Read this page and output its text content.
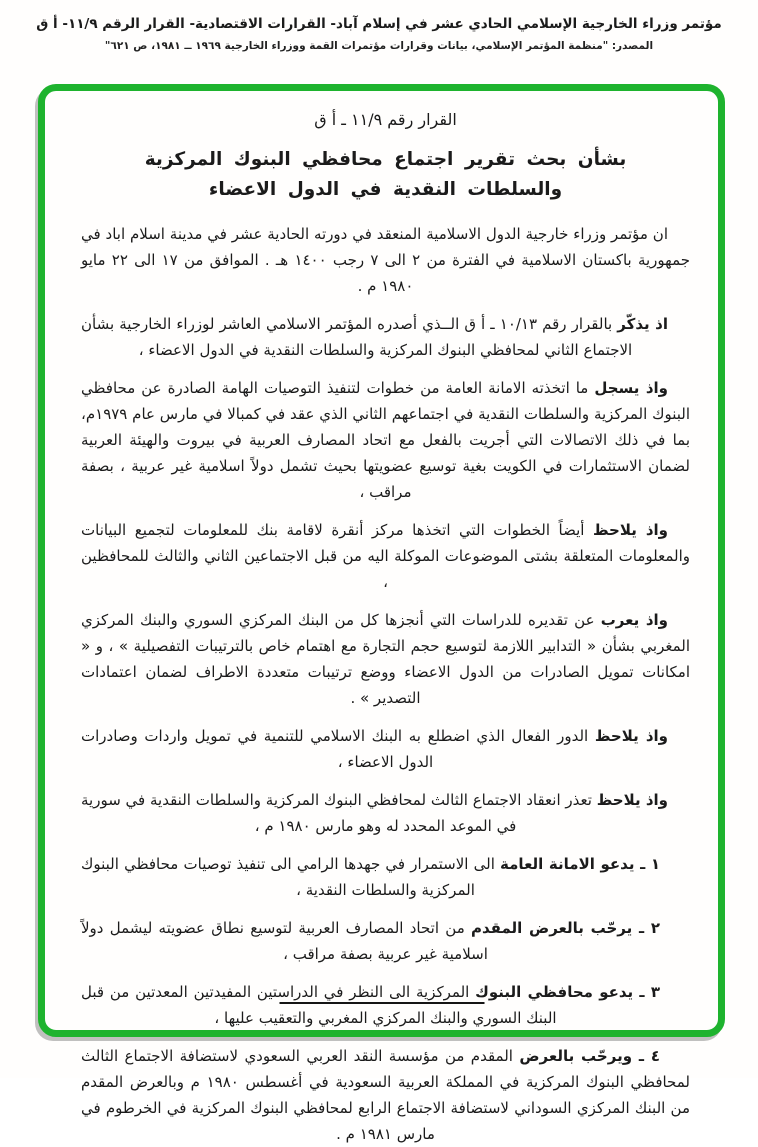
مؤتمر وزراء الخارجية الإسلامي الحادي عشر في إسلام آباد- القرارات الاقتصادية- القرار الرقم ١١/٩- أ ق
المصدر: "منظمة المؤتمر الإسلامي، بيانات وقرارات مؤتمرات القمة ووزراء الخارجية ١٩٦٩ ــ ١٩٨١، ص ٦٢١"
القرار رقم ١١/٩ ـ أ ق
بشأن بحث تقرير اجتماع محافظي البنوك المركزية
والسلطات النقدية في الدول الاعضاء

ان مؤتمر وزراء خارجية الدول الاسلامية المنعقد في دورته الحادية عشر في مدينة اسلام اباد في جمهورية باكستان الاسلامية في الفترة من ٢ الى ٧ رجب ١٤٠٠ هـ . الموافق من ١٧ الى ٢٢ مايو ١٩٨٠ م .

اذ يذكّر بالقرار رقم ١٠/١٣ ـ أ ق الــذي أصدره المؤتمر الاسلامي العاشر لوزراء الخارجية بشأن الاجتماع الثاني لمحافظي البنوك المركزية والسلطات النقدية في الدول الاعضاء ،

واذ يسجل ما اتخذته الامانة العامة من خطوات لتنفيذ التوصيات الهامة الصادرة عن محافظي البنوك المركزية والسلطات النقدية في اجتماعهم الثاني الذي عقد في كمبالا في مارس عام ١٩٧٩م، بما في ذلك الاتصالات التي أجريت بالفعل مع اتحاد المصارف العربية في بيروت والهيئة العربية لضمان الاستثمارات في الكويت بغية توسيع عضويتها بحيث تشمل دولاً اسلامية غير عربية ، بصفة مراقب ،

واذ يلاحظ أيضاً الخطوات التي اتخذها مركز أنقرة لاقامة بنك للمعلومات لتجميع البيانات والمعلومات المتعلقة بشتى الموضوعات الموكلة اليه من قبل الاجتماعين الثاني والثالث للمحافظين ،

واذ يعرب عن تقديره للدراسات التي أنجزها كل من البنك المركزي السوري والبنك المركزي المغربي بشأن « التدابير اللازمة لتوسيع حجم التجارة مع اهتمام خاص بالترتيبات التفصيلية » ، و « امكانات تمويل الصادرات من الدول الاعضاء ووضع ترتيبات متعددة الاطراف لضمان اعتمادات التصدير » .

واذ يلاحظ الدور الفعال الذي اضطلع به البنك الاسلامي للتنمية في تمويل واردات وصادرات الدول الاعضاء ،

واذ يلاحظ تعذر انعقاد الاجتماع الثالث لمحافظي البنوك المركزية والسلطات النقدية في سورية في الموعد المحدد له وهو مارس ١٩٨٠ م ،

١ ـ يدعو الامانة العامة الى الاستمرار في جهدها الرامي الى تنفيذ توصيات محافظي البنوك المركزية والسلطات النقدية ،

٢ ـ يرحّب بالعرض المقدم من اتحاد المصارف العربية لتوسيع نطاق عضويته ليشمل دولاً اسلامية غير عربية بصفة مراقب ،

٣ ـ يدعو محافظي البنوك المركزية الى النظر في الدراستين المفيدتين المعدتين من قبل البنك السوري والبنك المركزي المغربي والتعقيب عليها ،

٤ ـ ويرحّب بالعرض المقدم من مؤسسة النقد العربي السعودي لاستضافة الاجتماع الثالث لمحافظي البنوك المركزية في المملكة العربية السعودية في أغسطس ١٩٨٠ م وبالعرض المقدم من البنك المركزي السوداني لاستضافة الاجتماع الرابع لمحافظي البنوك المركزية في الخرطوم في مارس ١٩٨١ م .
